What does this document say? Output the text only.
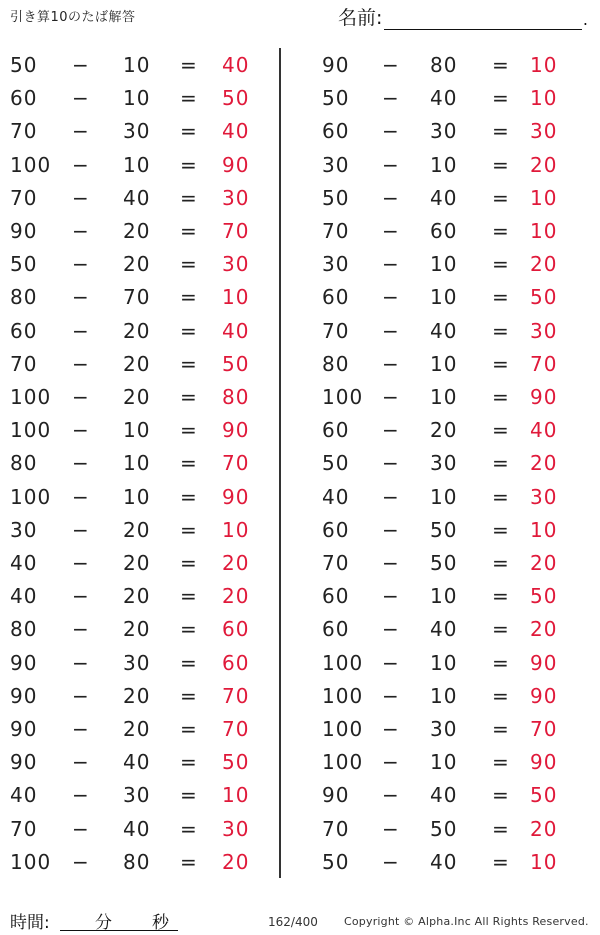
引き算10のたば解答	名前:	.
50 − 10 = 40
60 − 10 = 50
70 − 30 = 40
100 − 10 = 90
70 − 40 = 30
90 − 20 = 70
50 − 20 = 30
80 − 70 = 10
60 − 20 = 40
70 − 20 = 50
100 − 20 = 80
100 − 10 = 90
80 − 10 = 70
100 − 10 = 90
30 − 20 = 10
40 − 20 = 20
40 − 20 = 20
80 − 20 = 60
90 − 30 = 60
90 − 20 = 70
90 − 20 = 70
90 − 40 = 50
40 − 30 = 10
70 − 40 = 30
100 − 80 = 20
90 − 80 = 10
50 − 40 = 10
60 − 30 = 30
30 − 10 = 20
50 − 40 = 10
70 − 60 = 10
30 − 10 = 20
60 − 10 = 50
70 − 40 = 30
80 − 10 = 70
100 − 10 = 90
60 − 20 = 40
50 − 30 = 20
40 − 10 = 30
60 − 50 = 10
70 − 50 = 20
60 − 10 = 50
60 − 40 = 20
100 − 10 = 90
100 − 10 = 90
100 − 30 = 70
100 − 10 = 90
90 − 40 = 50
70 − 50 = 20
50 − 40 = 10
時間:	分 秒	162/400 Copyright © Alpha.Inc All Rights Reserved.
